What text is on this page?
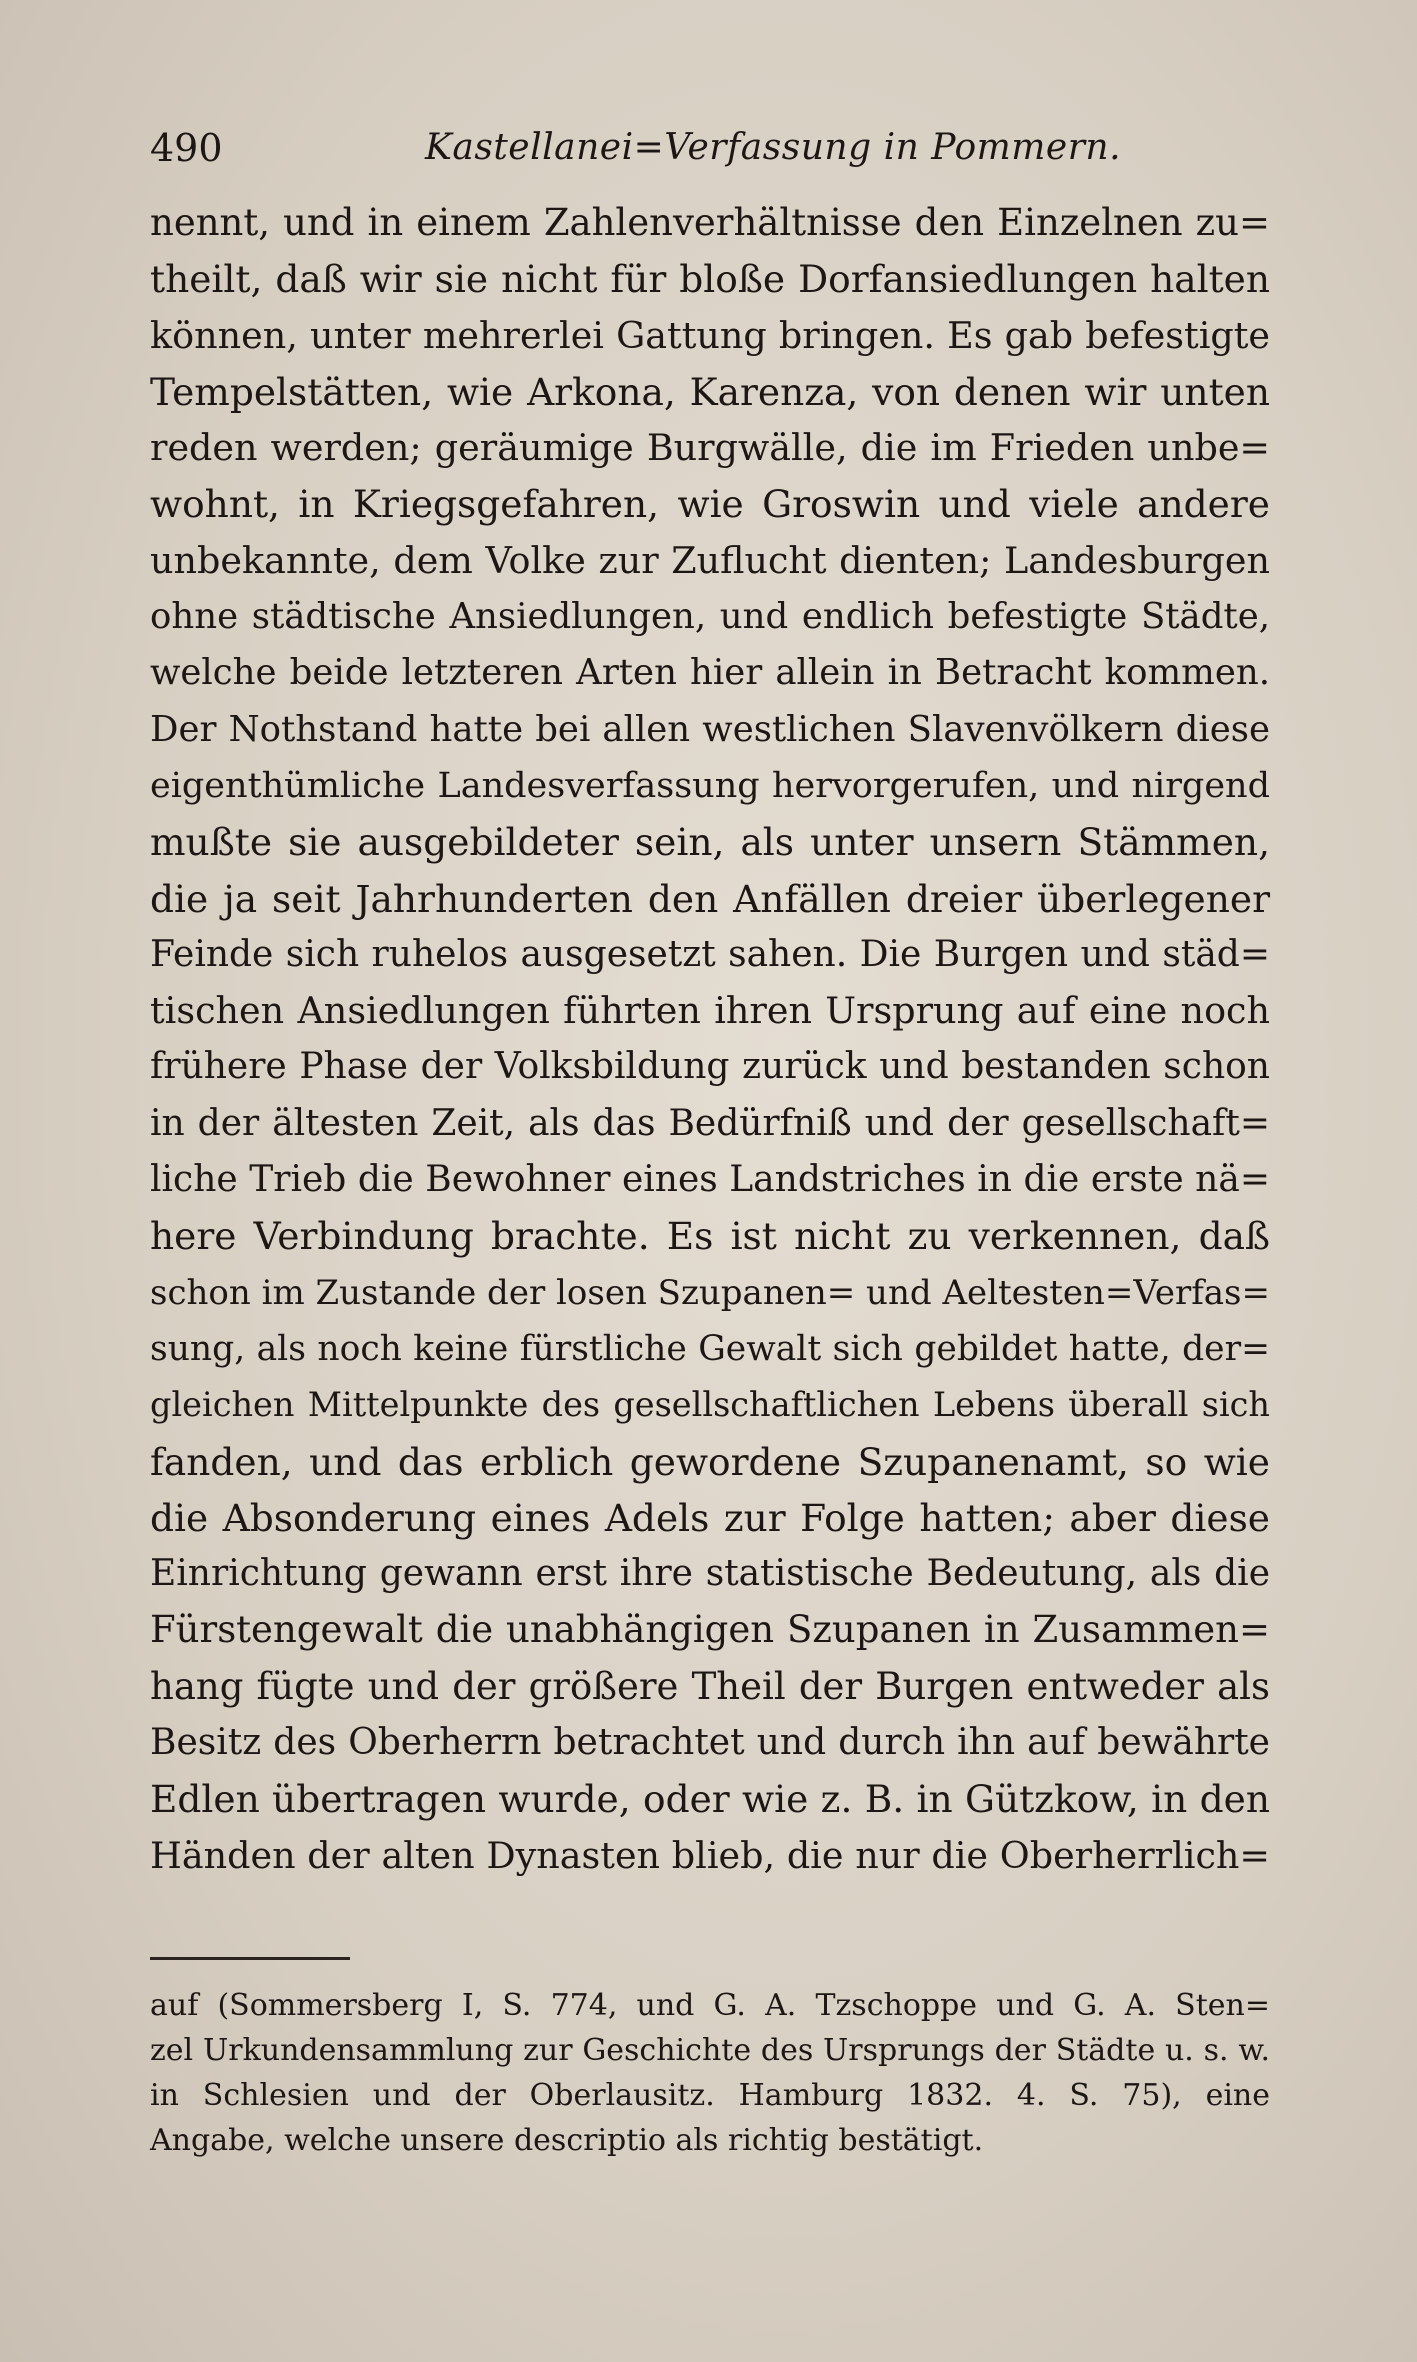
490	Kastellanei=Verfassung in Pommern.
nennt, und in einem Zahlenverhältnisse den Einzelnen zu=
theilt, daß wir sie nicht für bloße Dorfansiedlungen halten
können, unter mehrerlei Gattung bringen. Es gab befestigte
Tempelstätten, wie Arkona, Karenza, von denen wir unten
reden werden; geräumige Burgwälle, die im Frieden unbe=
wohnt, in Kriegsgefahren, wie Groswin und viele andere
unbekannte, dem Volke zur Zuflucht dienten; Landesburgen
ohne städtische Ansiedlungen, und endlich befestigte Städte,
welche beide letzteren Arten hier allein in Betracht kommen.
Der Nothstand hatte bei allen westlichen Slavenvölkern diese
eigenthümliche Landesverfassung hervorgerufen, und nirgend
mußte sie ausgebildeter sein, als unter unsern Stämmen,
die ja seit Jahrhunderten den Anfällen dreier überlegener
Feinde sich ruhelos ausgesetzt sahen. Die Burgen und städ=
tischen Ansiedlungen führten ihren Ursprung auf eine noch
frühere Phase der Volksbildung zurück und bestanden schon
in der ältesten Zeit, als das Bedürfniß und der gesellschaft=
liche Trieb die Bewohner eines Landstriches in die erste nä=
here Verbindung brachte. Es ist nicht zu verkennen, daß
schon im Zustande der losen Szupanen= und Aeltesten=Verfas=
sung, als noch keine fürstliche Gewalt sich gebildet hatte, der=
gleichen Mittelpunkte des gesellschaftlichen Lebens überall sich
fanden, und das erblich gewordene Szupanenamt, so wie
die Absonderung eines Adels zur Folge hatten; aber diese
Einrichtung gewann erst ihre statistische Bedeutung, als die
Fürstengewalt die unabhängigen Szupanen in Zusammen=
hang fügte und der größere Theil der Burgen entweder als
Besitz des Oberherrn betrachtet und durch ihn auf bewährte
Edlen übertragen wurde, oder wie z. B. in Gützkow, in den
Händen der alten Dynasten blieb, die nur die Oberherrlich=
auf (Sommersberg I, S. 774, und G. A. Tzschoppe und G. A. Sten=
zel Urkundensammlung zur Geschichte des Ursprungs der Städte u. s. w.
in Schlesien und der Oberlausitz. Hamburg 1832. 4. S. 75), eine
Angabe, welche unsere descriptio als richtig bestätigt.
